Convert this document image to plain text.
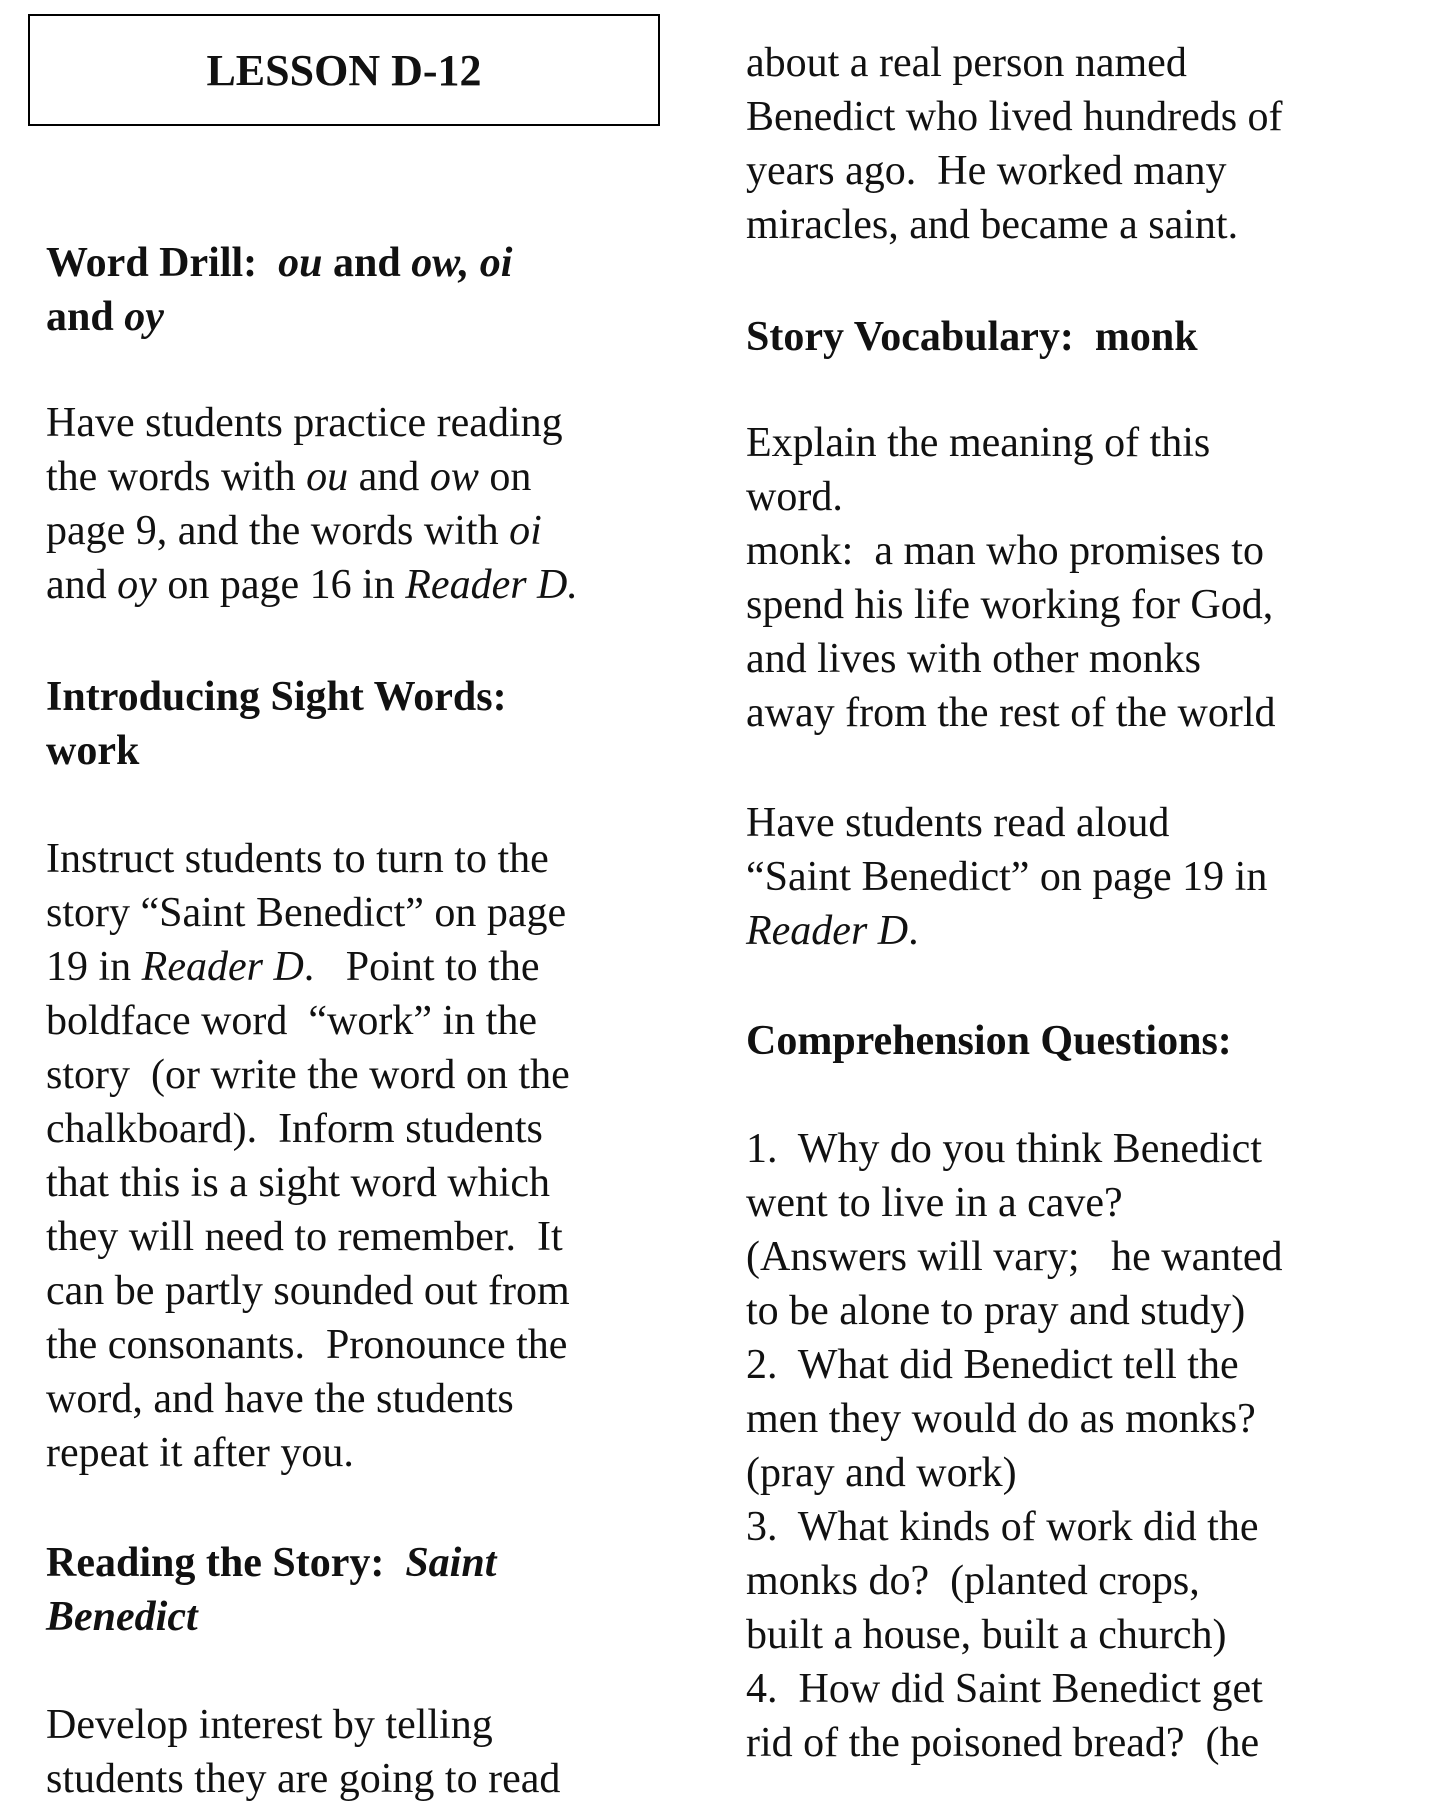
LESSON D-12
Word Drill:  ou and ow, oi
and oy
Have students practice reading
the words with ou and ow on
page 9, and the words with oi
and oy on page 16 in Reader D.
Introducing Sight Words:
work
Instruct students to turn to the
story “Saint Benedict” on page
19 in Reader D.   Point to the
boldface word  “work” in the
story  (or write the word on the
chalkboard).  Inform students
that this is a sight word which
they will need to remember.  It
can be partly sounded out from
the consonants.  Pronounce the
word, and have the students
repeat it after you.
Reading the Story:  Saint
Benedict
Develop interest by telling
students they are going to read
about a real person named
Benedict who lived hundreds of
years ago.  He worked many
miracles, and became a saint.
Story Vocabulary:  monk
Explain the meaning of this
word.
monk:  a man who promises to
spend his life working for God,
and lives with other monks
away from the rest of the world
Have students read aloud
“Saint Benedict” on page 19 in
Reader D.
Comprehension Questions:
1.  Why do you think Benedict
went to live in a cave?
(Answers will vary;   he wanted
to be alone to pray and study)
2.  What did Benedict tell the
men they would do as monks?
(pray and work)
3.  What kinds of work did the
monks do?  (planted crops,
built a house, built a church)
4.  How did Saint Benedict get
rid of the poisoned bread?  (he
